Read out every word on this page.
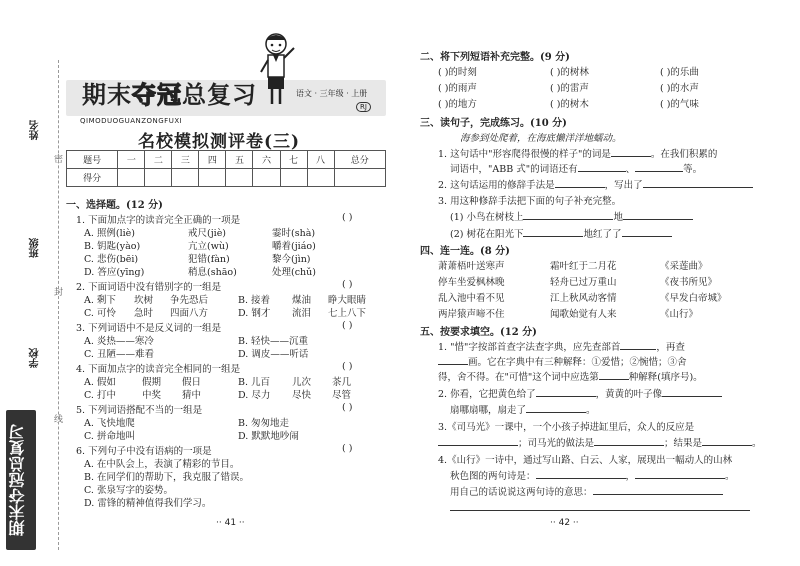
姓名
班级
学校
密
封
线
期末夺冠总复习
期末夺冠总复习	语文 · 三年级 · 上册
RJ
QIMODUOGUANZONGFUXI
名校模拟测评卷(三)
题号	一	二	三	四	五	六	七	八	总分
得分									
一、选择题。(12 分)
1. 下面加点字的读音完全正确的一项是	( )
A. 照例(liè)	戒尺(jiè)	霎时(shà)
B. 钥匙(yào)	亢立(wù)	嚼着(jiáo)
C. 悲伤(bēi)	犯错(fàn)	黎今(jìn)
D. 答应(yīng)	稍息(shāo)	处理(chǔ)
2. 下面词语中没有错别字的一组是	( )
A. 剩下 坎树 争先恐后	B. 接着 煤油 睁大眼睛
C. 可怜 急时 四面八方	D. 钢才 流泪 七上八下
3. 下列词语中不是反义词的一组是	( )
A. 炎热——寒冷	B. 轻快——沉重
C. 丑陋——难看	D. 调皮——听话
4. 下面加点字的读音完全相同的一组是	( )
A. 假如	假期 假日	B. 儿百 儿次 茶几
C. 打中	中奖 猜中	D. 尽力 尽快 尽管
5. 下列词语搭配不当的一组是	( )
A. 飞快地爬	B. 匆匆地走
C. 拼命地叫	D. 默默地吵闹
6. 下列句子中没有语病的一项是	( )
A. 在中队会上，表演了精彩的节目。
B. 在同学们的帮助下，我克服了错误。
C. 张泉写字的姿势。
D. 雷锋的精神值得我们学习。
·· 41 ··
二、将下列短语补充完整。(9 分)
( )的时刻	( )的树林	( )的乐曲
( )的雨声	( )的雷声	( )的水声
( )的地方	( )的树木	( )的气味
三、读句子，完成练习。(10 分)
海参到处爬着，在海底懒洋洋地蠕动。
1. 这句话中"形容爬得很慢的样子"的词是	。在我们积累的
词语中，"ABB 式"的词语还有	、	等。
2. 这句话运用的修辞手法是	，写出了
3. 用这种修辞手法把下面的句子补充完整。
(1) 小鸟在树枝上	地
(2) 树花在阳光下	地红了了
四、连一连。(8 分)
萧萧梧叶送寒声	霜叶红于二月花	《采莲曲》
停车坐爱枫林晚	轻舟已过万重山	《夜书所见》
乱入池中看不见	江上秋风动客情	《早发白帝城》
两岸猿声啼不住	闻歌始觉有人来	《山行》
五、按要求填空。(12 分)
1. "惜"字按部首查字法查字典，应先查部首	，再查
画。它在字典中有三种解释：①爱惜；②惋惜；③舍
得，舍不得。在"可惜"这个词中应选第	种解释(填序号)。
2. 你看，它把黄色给了	，黄黄的叶子像
扇哪扇哪，扇走了	。
3.《司马光》一课中，一个小孩子掉进缸里后，众人的反应是
；司马光的做法是	；结果是	。
4.《山行》一诗中，通过写山路、白云、人家，展现出一幅动人的山林
秋色图的两句诗是：	，	。
用自己的话说说这两句诗的意思：
·· 42 ··
